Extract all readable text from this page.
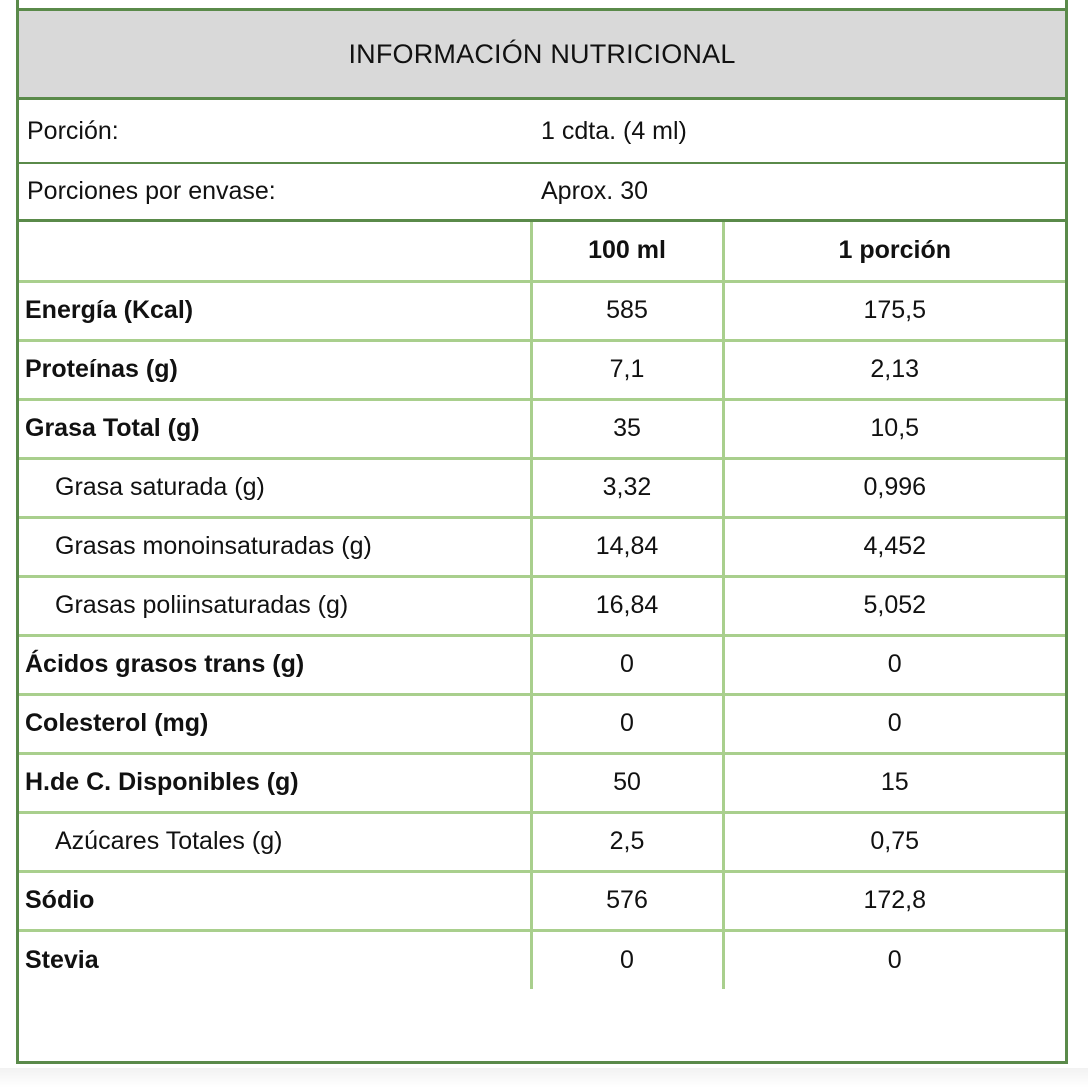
INFORMACIÓN NUTRICIONAL
Porción:	1 cdta. (4 ml)
Porciones por envase:	Aprox. 30
	100 ml	1 porción
Energía (Kcal)	585	175,5
Proteínas (g)	7,1	2,13
Grasa Total (g)	35	10,5
Grasa saturada (g)	3,32	0,996
Grasas monoinsaturadas (g)	14,84	4,452
Grasas poliinsaturadas (g)	16,84	5,052
Ácidos grasos trans (g)	0	0
Colesterol (mg)	0	0
H.de C. Disponibles (g)	50	15
Azúcares Totales (g)	2,5	0,75
Sódio	576	172,8
Stevia	0	0
